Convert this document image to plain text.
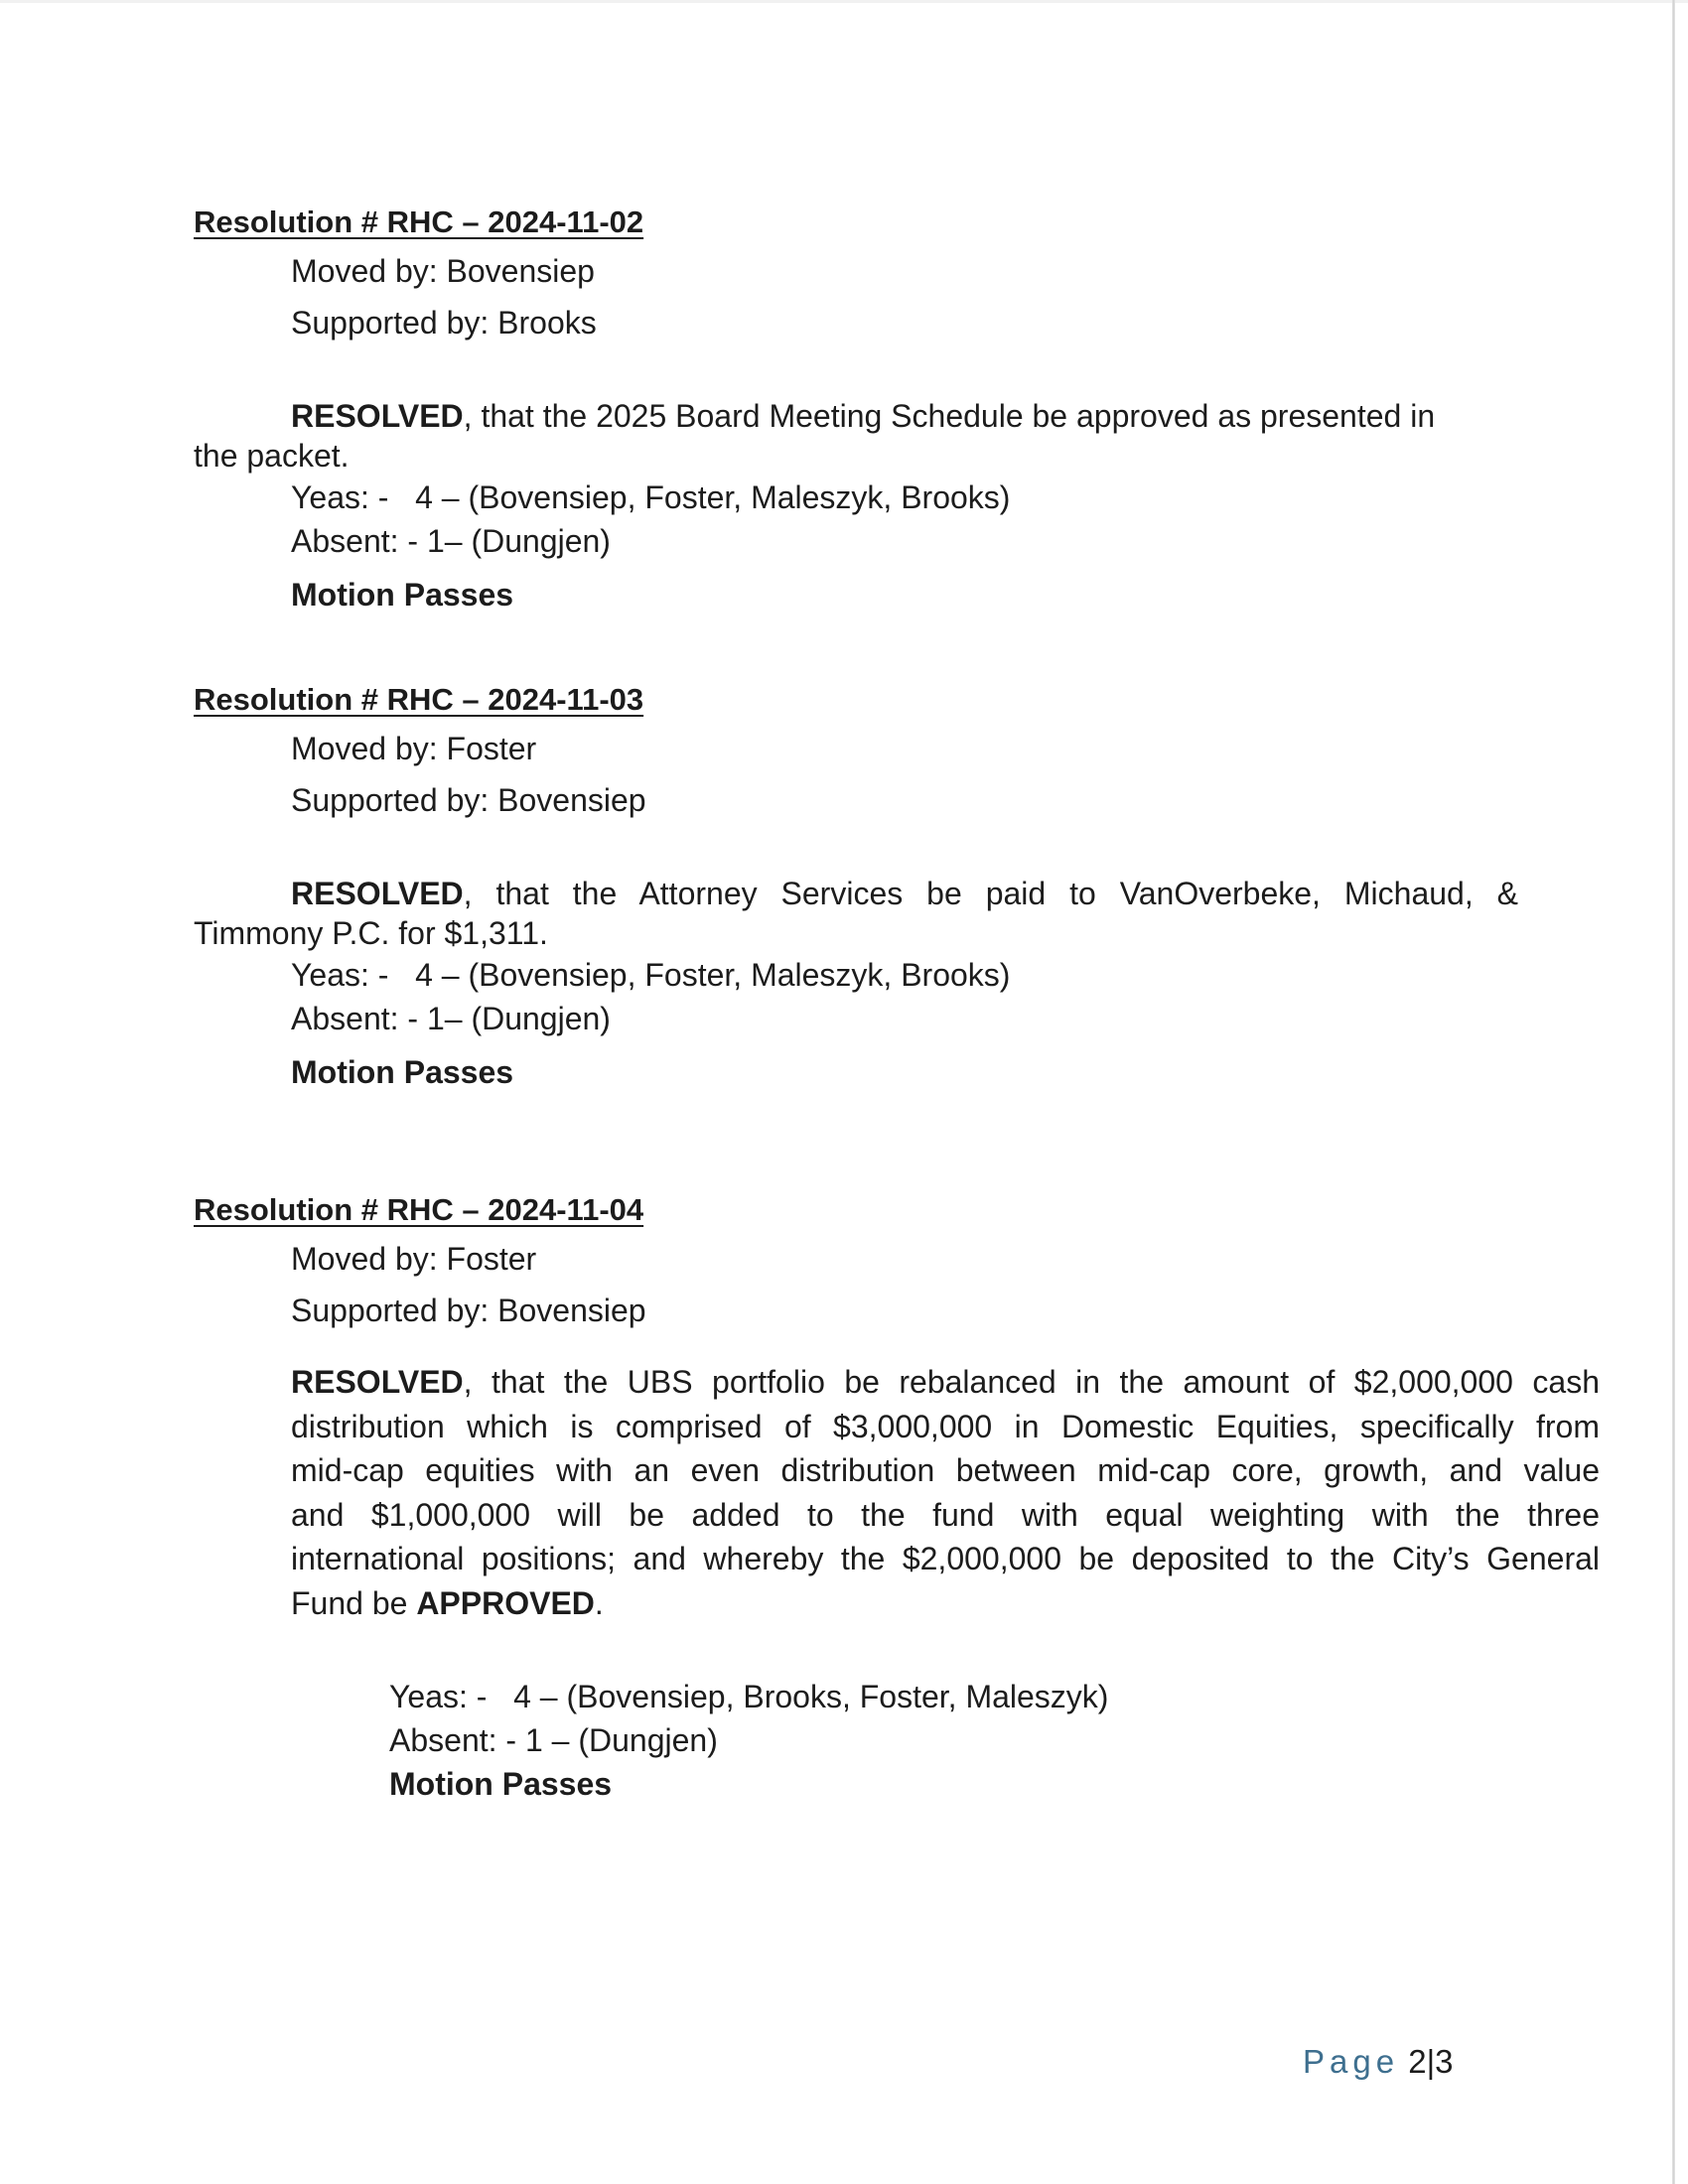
Resolution # RHC – 2024-11-02

Moved by: Bovensiep

Supported by: Brooks

RESOLVED, that the 2025 Board Meeting Schedule be approved as presented in
the packet.

Yeas: -   4 – (Bovensiep, Foster, Maleszyk, Brooks)

Absent: - 1– (Dungjen)

Motion Passes

Resolution # RHC – 2024-11-03

Moved by: Foster

Supported by: Bovensiep

RESOLVED, that the Attorney Services be paid to VanOverbeke, Michaud, &
Timmony P.C. for $1,311.

Yeas: -   4 – (Bovensiep, Foster, Maleszyk, Brooks)

Absent: - 1– (Dungjen)

Motion Passes

Resolution # RHC – 2024-11-04

Moved by: Foster

Supported by: Bovensiep

RESOLVED, that the UBS portfolio be rebalanced in the amount of $2,000,000 cash
distribution which is comprised of $3,000,000 in Domestic Equities, specifically from
mid-cap equities with an even distribution between mid-cap core, growth, and value
and $1,000,000 will be added to the fund with equal weighting with the three
international positions; and whereby the $2,000,000 be deposited to the City’s General
Fund be APPROVED.

Yeas: -   4 – (Bovensiep, Brooks, Foster, Maleszyk)

Absent: - 1 – (Dungjen)

Motion Passes

Page 2|3
